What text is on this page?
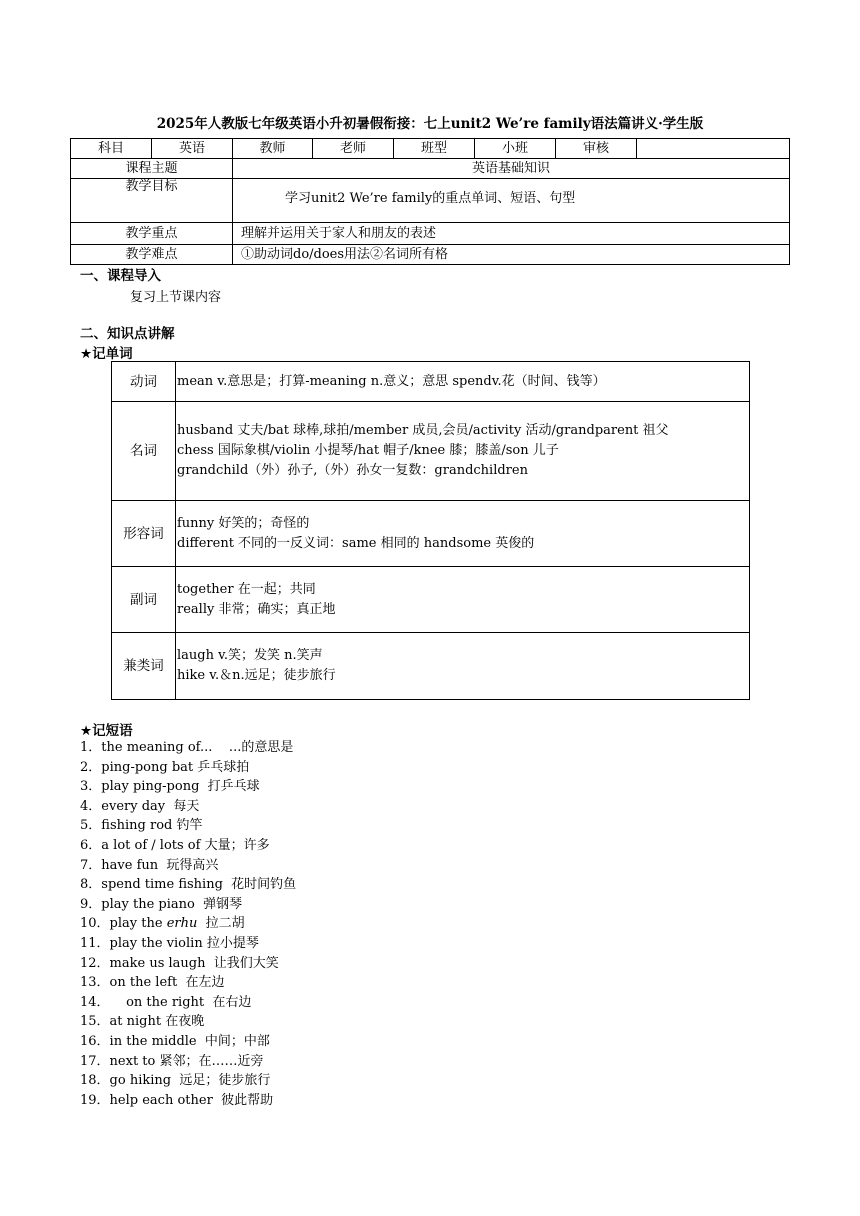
2025年人教版七年级英语小升初暑假衔接：七上unit2 We’re family语法篇讲义·学生版
科目	英语	教师	老师	班型	小班	审核	
课程主题		英语基础知识					
教学目标		学习unit2 We’re family的重点单词、短语、句型					

教学重点		理解并运用关于家人和朋友的表述					
教学难点		①助动词do/does用法②名词所有格					
一、课程导入
复习上节课内容
二、知识点讲解
★记单词
动词	mean v.意思是；打算-meaning n.意义；意思 spendv.花（时间、钱等）

名词	husband 丈夫/bat 球棒,球拍/member 成员,会员/activity 活动/grandparent 祖父
chess 国际象棋/violin 小提琴/hat 帽子/knee 膝；膝盖/son 儿子
grandchild（外）孙子,（外）孙女一复数：grandchildren

形容词	funny 好笑的；奇怪的
different 不同的一反义词：same 相同的 handsome 英俊的

副词	together 在一起；共同
really 非常；确实；真正地

兼类词	laugh v.笑；发笑 n.笑声
hike v.＆n.远足；徒步旅行
★记短语
1．the meaning of...    ...的意思是
2．ping-pong bat 乒乓球拍
3．play ping-pong  打乒乓球
4．every day  每天
5．fishing rod 钓竿
6．a lot of / lots of 大量；许多
7．have fun  玩得高兴
8．spend time fishing  花时间钓鱼
9．play the piano  弹钢琴
10．play the erhu  拉二胡
11．play the violin 拉小提琴
12．make us laugh  让我们大笑
13．on the left  在左边
14．    on the right  在右边
15．at night 在夜晚
16．in the middle  中间；中部
17．next to 紧邻；在……近旁
18．go hiking  远足；徒步旅行
19．help each other  彼此帮助
